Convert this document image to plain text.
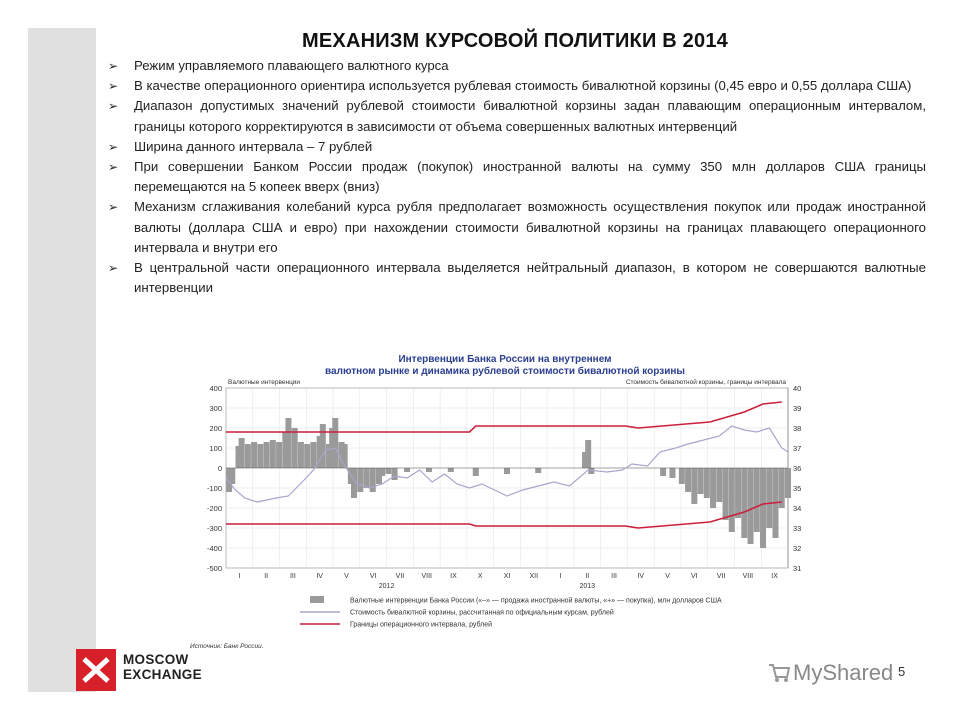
МЕХАНИЗМ КУРСОВОЙ ПОЛИТИКИ В 2014
➢ Режим управляемого плавающего валютного курса
➢ В качестве операционного ориентира используется рублевая стоимость бивалютной корзины (0,45 евро и 0,55 доллара США)
➢ Диапазон допустимых значений рублевой стоимости бивалютной корзины задан плавающим операционным интервалом, границы которого корректируются в зависимости от объема совершенных валютных интервенций
➢ Ширина данного интервала – 7 рублей
➢ При совершении Банком России продаж (покупок) иностранной валюты на сумму 350 млн долларов США границы перемещаются на 5 копеек вверх (вниз)
➢ Механизм сглаживания колебаний курса рубля предполагает возможность осуществления покупок или продаж иностранной валюты (доллара США и евро) при нахождении стоимости бивалютной корзины на границах плавающего операционного интервала и внутри его
➢ В центральной части операционного интервала выделяется нейтральный диапазон, в котором не совершаются валютные интервенции
Интервенции Банка России на внутреннем валютном рынке и динамика рублевой стоимости бивалютной корзины
400
300
200
100
0
-100
-200
-300
-400
-500
40
39
38
37
36
35
34
33
32
31
Валютные интервенции	Стоимость бивалютной корзины, границы интервала
I	II	III	IV	V	VI	VII VIII	IX	X	XI	XII	I	II	III	IV	V	VI	VII VIII	IX
2012	2013
Валютные интервенции Банка России («–» — продажа иностранной валюты, «+» — покупка), млн долларов США
Стоимость бивалютной корзины, рассчитанная по официальным курсам, рублей
Границы операционного интервала, рублей
Источник: Банк России.
MOSCOW
EXCHANGE	MyShared 5
